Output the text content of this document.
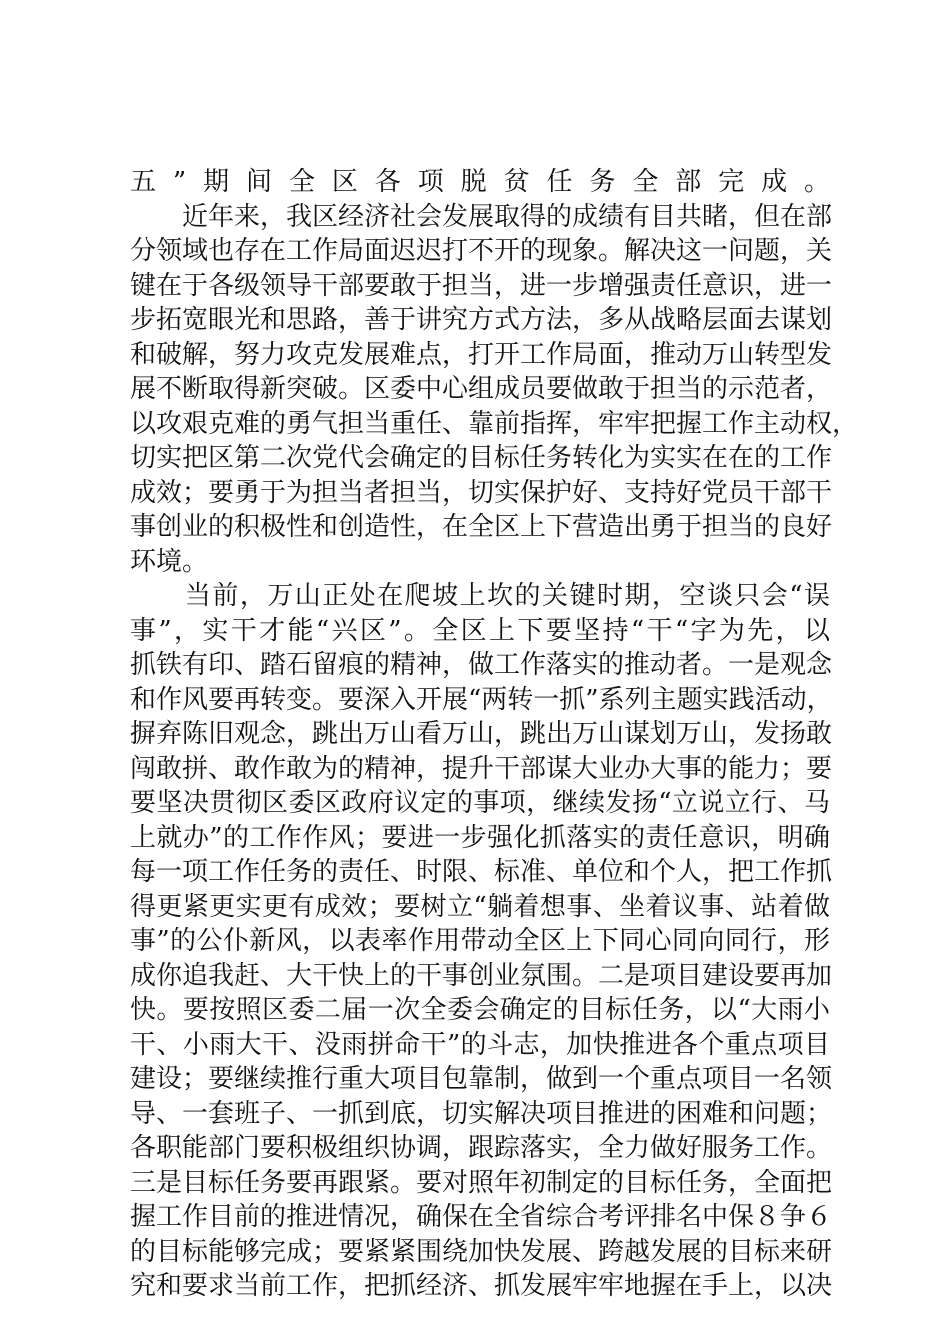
五”期间全区各项脱贫任务全部完成。
　　近年来，我区经济社会发展取得的成绩有目共睹，但在部
分领域也存在工作局面迟迟打不开的现象。解决这一问题，关
键在于各级领导干部要敢于担当，进一步增强责任意识，进一
步拓宽眼光和思路，善于讲究方式方法，多从战略层面去谋划
和破解，努力攻克发展难点，打开工作局面，推动万山转型发
展不断取得新突破。区委中心组成员要做敢于担当的示范者，
以攻艰克难的勇气担当重任、靠前指挥，牢牢把握工作主动权，
切实把区第二次党代会确定的目标任务转化为实实在在的工作
成效；要勇于为担当者担当，切实保护好、支持好党员干部干
事创业的积极性和创造性，在全区上下营造出勇于担当的良好
环境。
　　当前，万山正处在爬坡上坎的关键时期，空谈只会“误
事”，实干才能“兴区”。全区上下要坚持“干“字为先，以
抓铁有印、踏石留痕的精神，做工作落实的推动者。一是观念
和作风要再转变。要深入开展“两转一抓”系列主题实践活动，
摒弃陈旧观念，跳出万山看万山，跳出万山谋划万山，发扬敢
闯敢拼、敢作敢为的精神，提升干部谋大业办大事的能力；要
要坚决贯彻区委区政府议定的事项，继续发扬“立说立行、马
上就办”的工作作风；要进一步强化抓落实的责任意识，明确
每一项工作任务的责任、时限、标准、单位和个人，把工作抓
得更紧更实更有成效；要树立“躺着想事、坐着议事、站着做
事”的公仆新风，以表率作用带动全区上下同心同向同行，形
成你追我赶、大干快上的干事创业氛围。二是项目建设要再加
快。要按照区委二届一次全委会确定的目标任务，以“大雨小
干、小雨大干、没雨拼命干”的斗志，加快推进各个重点项目
建设；要继续推行重大项目包靠制，做到一个重点项目一名领
导、一套班子、一抓到底，切实解决项目推进的困难和问题；
各职能部门要积极组织协调，跟踪落实，全力做好服务工作。
三是目标任务要再跟紧。要对照年初制定的目标任务，全面把
握工作目前的推进情况，确保在全省综合考评排名中保８争６
的目标能够完成；要紧紧围绕加快发展、跨越发展的目标来研
究和要求当前工作，把抓经济、抓发展牢牢地握在手上，以决
